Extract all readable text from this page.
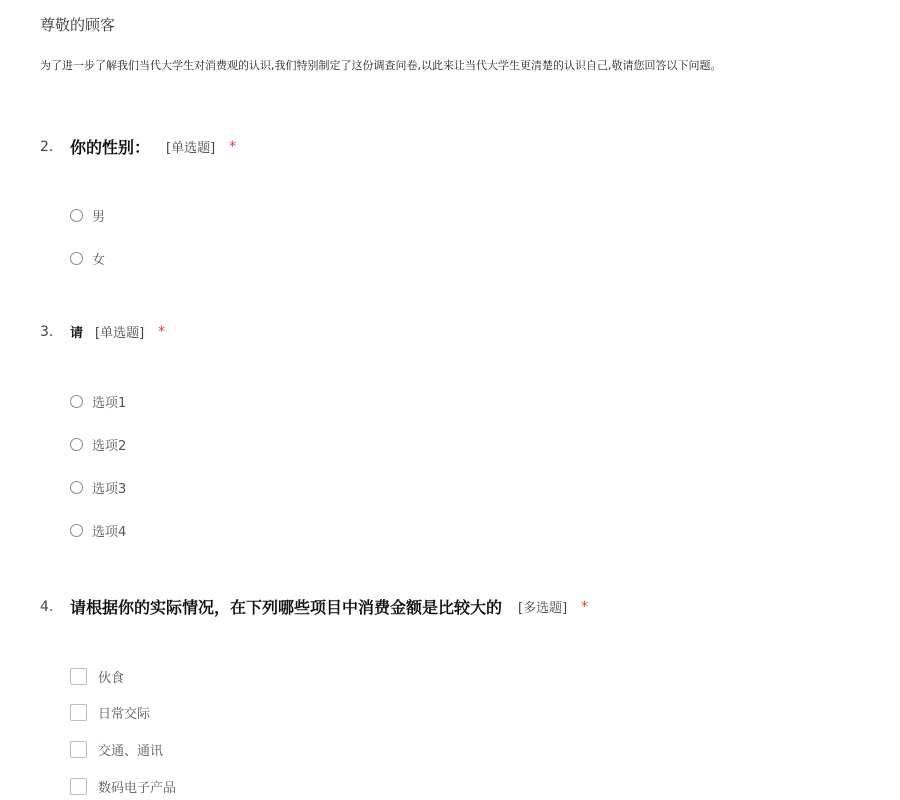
尊敬的顾客
为了进一步了解我们当代大学生对消费观的认识,我们特别制定了这份调查问卷,以此来让当代大学生更清楚的认识自己,敬请您回答以下问题。
2.	你的性别： [单选题] *
男
女
3.	请 [单选题] *
选项1
选项2
选项3
选项4
4.	请根据你的实际情况，在下列哪些项目中消费金额是比较大的 [多选题] *
伙食
日常交际
交通、通讯
数码电子产品
